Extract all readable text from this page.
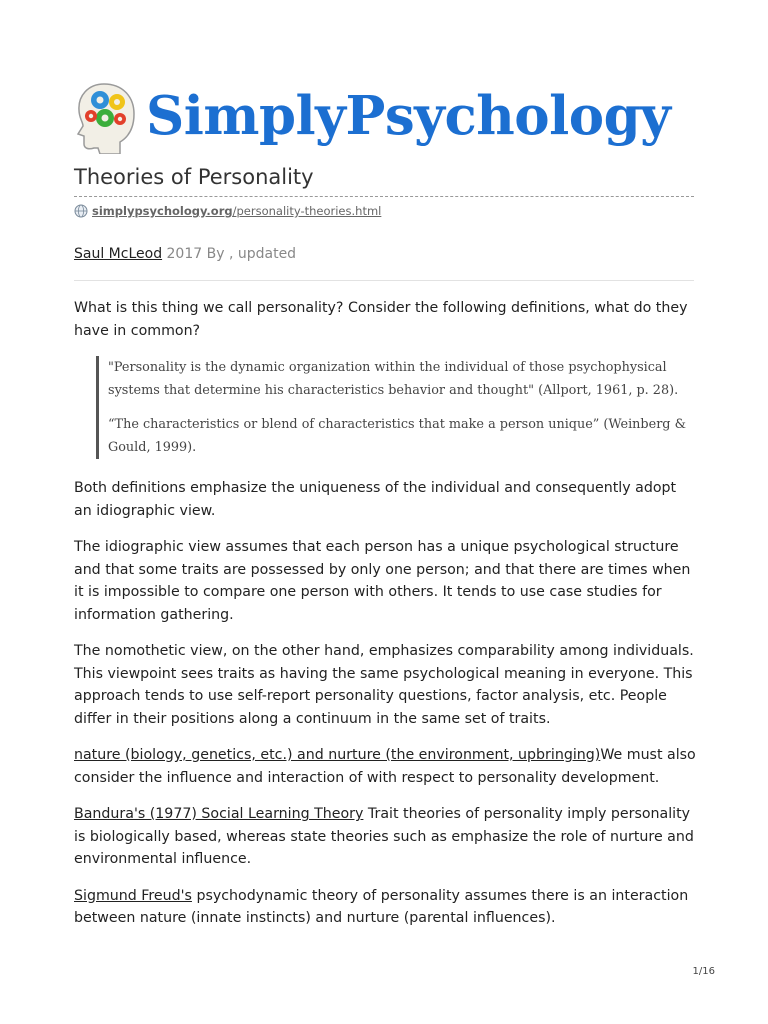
SimplyPsychology
Theories of Personality
simplypsychology.org/personality-theories.html
Saul McLeod 2017 By , updated

What is this thing we call personality? Consider the following definitions, what do they have in common?

"Personality is the dynamic organization within the individual of those psychophysical systems that determine his characteristics behavior and thought" (Allport, 1961, p. 28).

“The characteristics or blend of characteristics that make a person unique” (Weinberg & Gould, 1999).

Both definitions emphasize the uniqueness of the individual and consequently adopt an idiographic view.

The idiographic view assumes that each person has a unique psychological structure and that some traits are possessed by only one person; and that there are times when it is impossible to compare one person with others. It tends to use case studies for information gathering.

The nomothetic view, on the other hand, emphasizes comparability among individuals. This viewpoint sees traits as having the same psychological meaning in everyone. This approach tends to use self-report personality questions, factor analysis, etc. People differ in their positions along a continuum in the same set of traits.

nature (biology, genetics, etc.) and nurture (the environment, upbringing)We must also consider the influence and interaction of with respect to personality development.

Bandura's (1977) Social Learning Theory Trait theories of personality imply personality is biologically based, whereas state theories such as emphasize the role of nurture and environmental influence.

Sigmund Freud's psychodynamic theory of personality assumes there is an interaction between nature (innate instincts) and nurture (parental influences).

1/16
